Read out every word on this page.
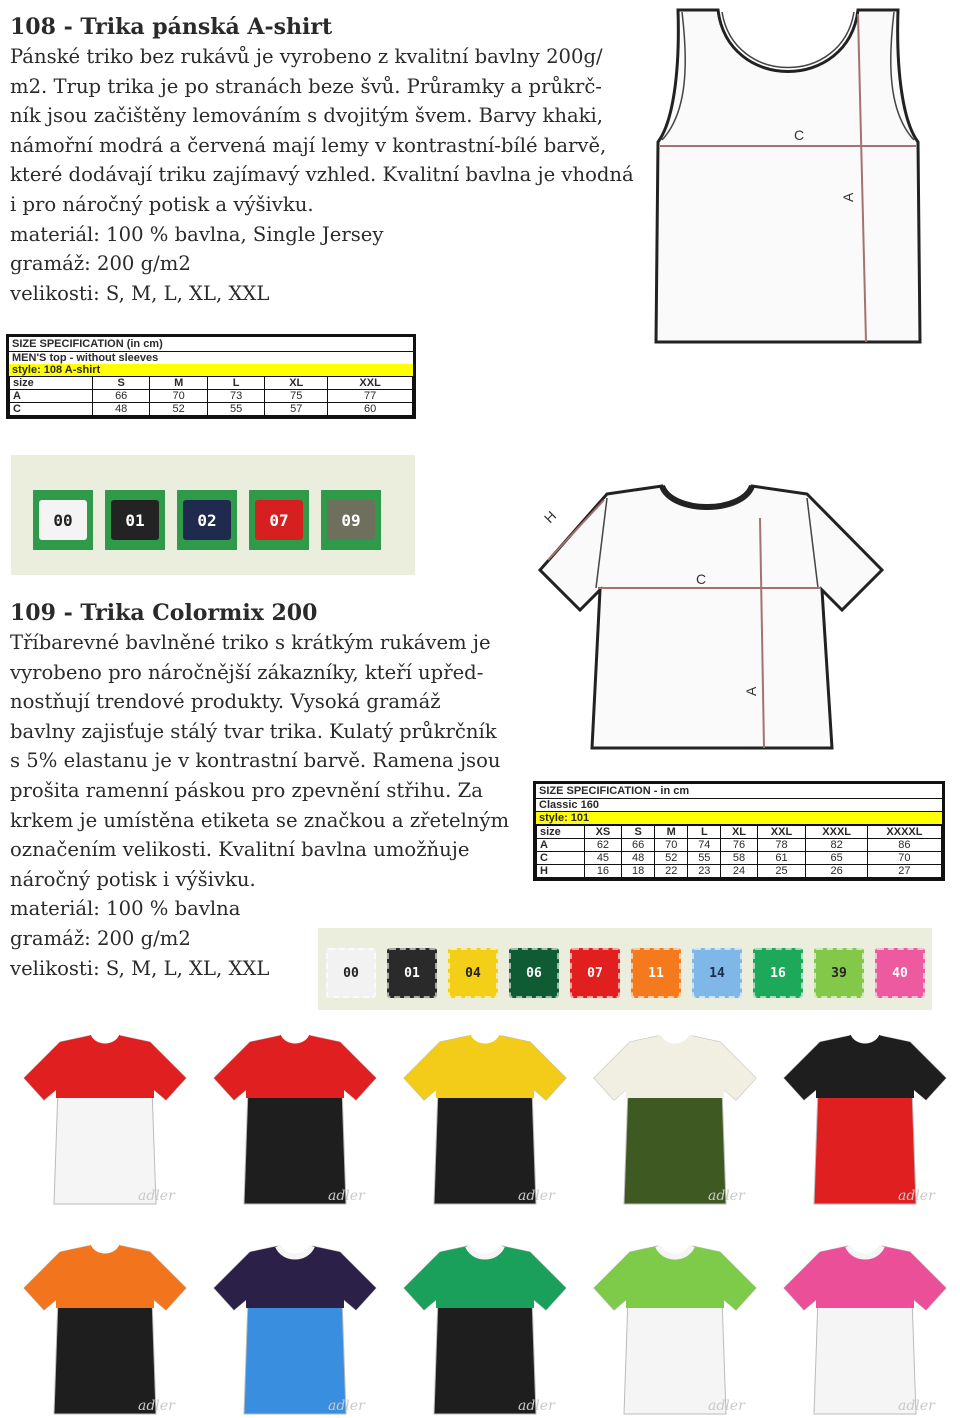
108 - Trika pánská A-shirt

Pánské triko bez rukávů je vyrobeno z kvalitní bavlny 200g/

m2. Trup trika je po stranách beze švů. Průramky a průkrč-

ník jsou začištěny lemováním s dvojitým švem. Barvy khaki,

námořní modrá a červená mají lemy v kontrastní-bílé barvě,

které dodávají triku zajímavý vzhled. Kvalitní bavlna je vhodná

i pro náročný potisk a výšivku.

materiál: 100 % bavlna, Single Jersey

gramáž: 200 g/m2

velikosti: S, M, L, XL, XXL

C
A
SIZE SPECIFICATION (in cm)
MEN'S top - without sleeves
style: 108 A-shirt
size	S	M	L	XL	XXL
A	66	70	73	75	77
C	48	52	55	57	60
00	01	02	07	09
109 - Trika Colormix 200

Tříbarevné bavlněné triko s krátkým rukávem je

vyrobeno pro náročnější zákazníky, kteří upřed-

nostňují trendové produkty. Vysoká gramáž

bavlny zajisťuje stálý tvar trika. Kulatý průkrčník

s 5% elastanu je v kontrastní barvě. Ramena jsou

prošita ramenní páskou pro zpevnění střihu. Za

krkem je umístěna etiketa se značkou a zřetelným

označením velikosti. Kvalitní bavlna umožňuje

náročný potisk i výšivku.

materiál: 100 % bavlna

gramáž: 200 g/m2

velikosti: S, M, L, XL, XXL

H
C
A
SIZE SPECIFICATION - in cm
Classic 160
style: 101
size	XS	S	M	L	XL	XXL	XXXL	XXXXL
A	62	66	70	74	76	78	82	86
C	45	48	52	55	58	61	65	70
H	16	18	22	23	24	25	26	27
00	01	04	06	07	11	14	16	39	40
adler	adler	adler	adler	adler
adler	adler	adler	adler	adler
